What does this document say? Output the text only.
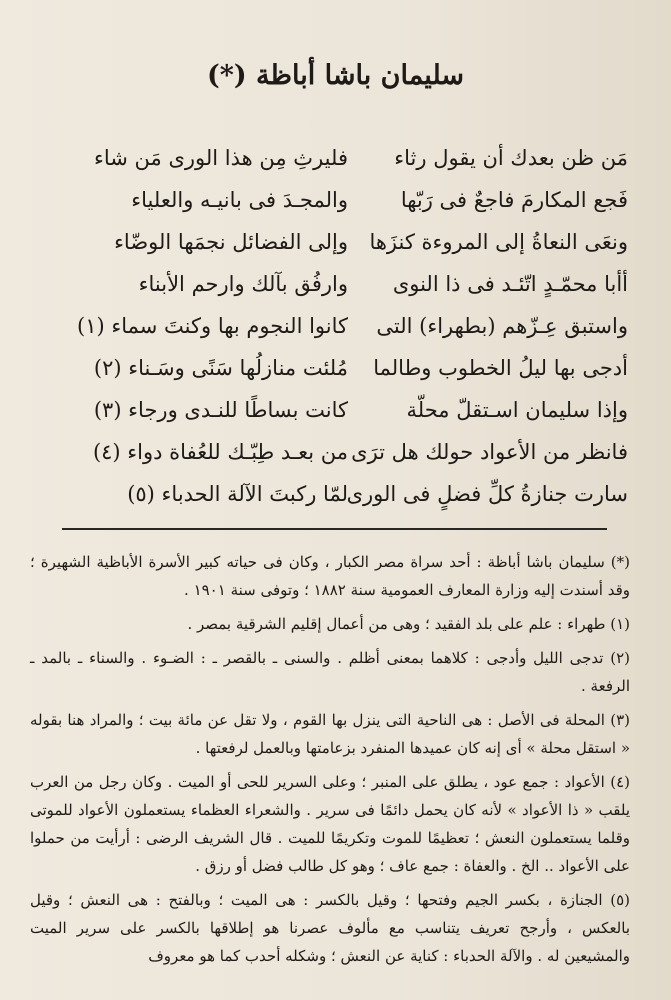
سليمان باشا أباظة (*)
مَن ظن بعدك أن يقول رثاء
فليرثِ مِن هذا الورى مَن شاء
فَجع المكارمَ فاجعٌ فى رَبّها
والمجـدَ فى بانيـه والعلياء
ونعَى النعاةُ إلى المروءة كنزَها
وإلى الفضائل نجمَها الوضّاء
أأبا محمّـدٍ اتّئـد فى ذا النوى
وارفُق بآلك وارحم الأبناء
واستبق عِـزّهم (بطهراء) التى
كانوا النجوم بها وكنتَ سماء (١)
أدجى بها ليلُ الخطوب وطالما
مُلئت منازلُها سَنًى وسَـناء (٢)
وإذا سليمان اسـتقلّ محلّة
كانت بساطًا للنـدى ورجاء (٣)
فانظر من الأعواد حولك هل ترَى
من بعـد طِبّـك للعُفاة دواء (٤)
سارت جنازةُ كلِّ فضلٍ فى الورى
لمّا ركبتَ الآلة الحدباء (٥)

(*) سليمان باشا أباظة : أحد سراة مصر الكبار ، وكان فى حياته كبير الأسرة الأباظية الشهيرة ؛ وقد أسندت إليه وزارة المعارف العمومية سنة ١٨٨٢ ؛ وتوفى سنة ١٩٠١ .

(١) طهراء : علم على بلد الفقيد ؛ وهى من أعمال إقليم الشرقية بمصر .

(٢) تدجى الليل وأدجى : كلاهما بمعنى أظلم . والسنى ـ بالقصر ـ : الضـوء . والسناء ـ بالمد ـ الرفعة .

(٣) المحلة فى الأصل : هى الناحية التى ينزل بها القوم ، ولا تقل عن مائة بيت ؛ والمراد هنا بقوله « استقل محلة » أى إنه كان عميدها المنفرد بزعامتها وبالعمل لرفعتها .

(٤) الأعواد : جمع عود ، يطلق على المنبر ؛ وعلى السرير للحى أو الميت . وكان رجل من العرب يلقب « ذا الأعواد » لأنه كان يحمل دائمًا فى سرير . والشعراء العظماء يستعملون الأعواد للموتى وقلما يستعملون النعش ؛ تعظيمًا للموت وتكريمًا للميت . قال الشريف الرضى : أرأيت من حملوا على الأعواد .. الخ . والعفاة : جمع عاف ؛ وهو كل طالب فضل أو رزق .

(٥) الجنازة ، بكسر الجيم وفتحها ؛ وقيل بالكسر : هى الميت ؛ وبالفتح : هى النعش ؛ وقيل بالعكس ، وأرجح تعريف يتناسب مع مألوف عصرنا هو إطلاقها بالكسر على سرير الميت والمشيعين له . والآلة الحدباء : كناية عن النعش ؛ وشكله أحدب كما هو معروف
